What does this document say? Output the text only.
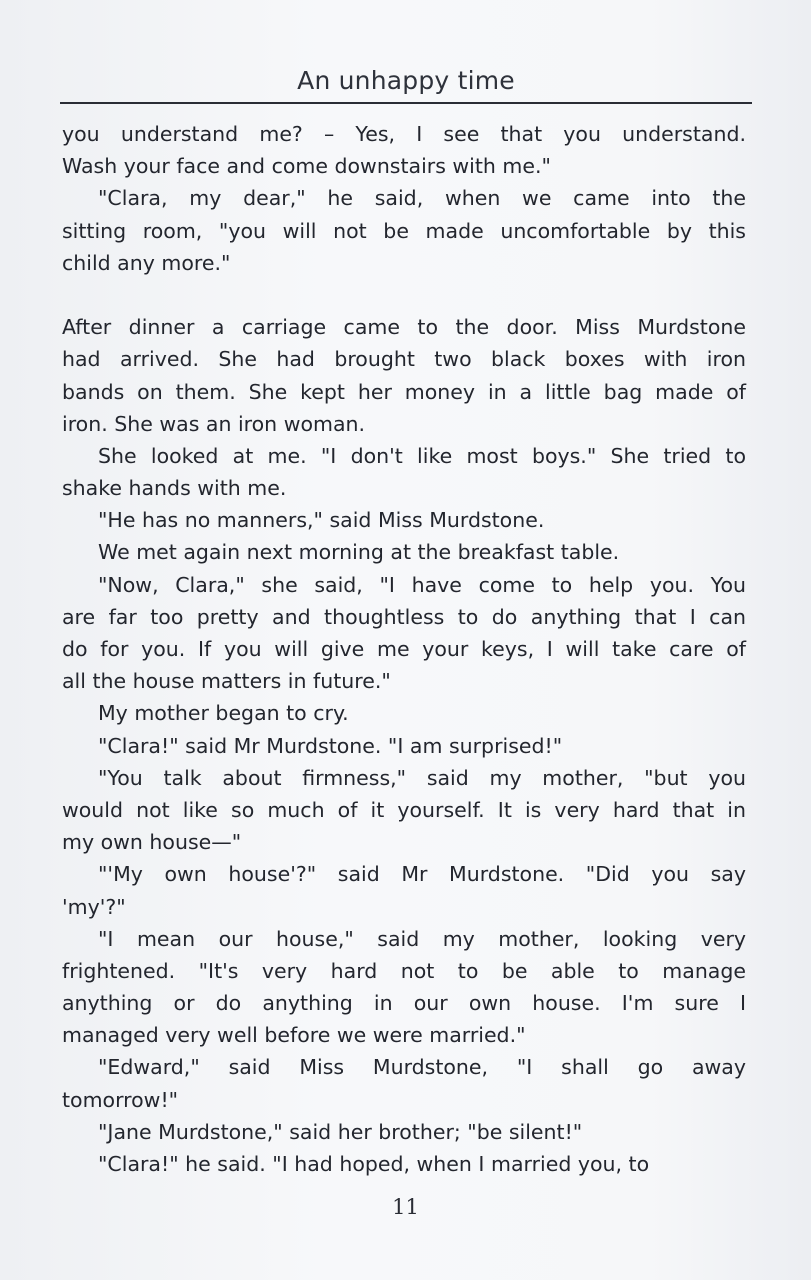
An unhappy time
you understand me? – Yes, I see that you understand.
Wash your face and come downstairs with me."
"Clara, my dear," he said, when we came into the
sitting room, "you will not be made uncomfortable by this
child any more."
After dinner a carriage came to the door. Miss Murdstone
had arrived. She had brought two black boxes with iron
bands on them. She kept her money in a little bag made of
iron. She was an iron woman.
She looked at me. "I don't like most boys." She tried to
shake hands with me.
"He has no manners," said Miss Murdstone.
We met again next morning at the breakfast table.
"Now, Clara," she said, "I have come to help you. You
are far too pretty and thoughtless to do anything that I can
do for you. If you will give me your keys, I will take care of
all the house matters in future."
My mother began to cry.
"Clara!" said Mr Murdstone. "I am surprised!"
"You talk about firmness," said my mother, "but you
would not like so much of it yourself. It is very hard that in
my own house—"
"'My own house'?" said Mr Murdstone. "Did you say
'my'?"
"I mean our house," said my mother, looking very
frightened. "It's very hard not to be able to manage
anything or do anything in our own house. I'm sure I
managed very well before we were married."
"Edward," said Miss Murdstone, "I shall go away
tomorrow!"
"Jane Murdstone," said her brother; "be silent!"
"Clara!" he said. "I had hoped, when I married you, to
11
